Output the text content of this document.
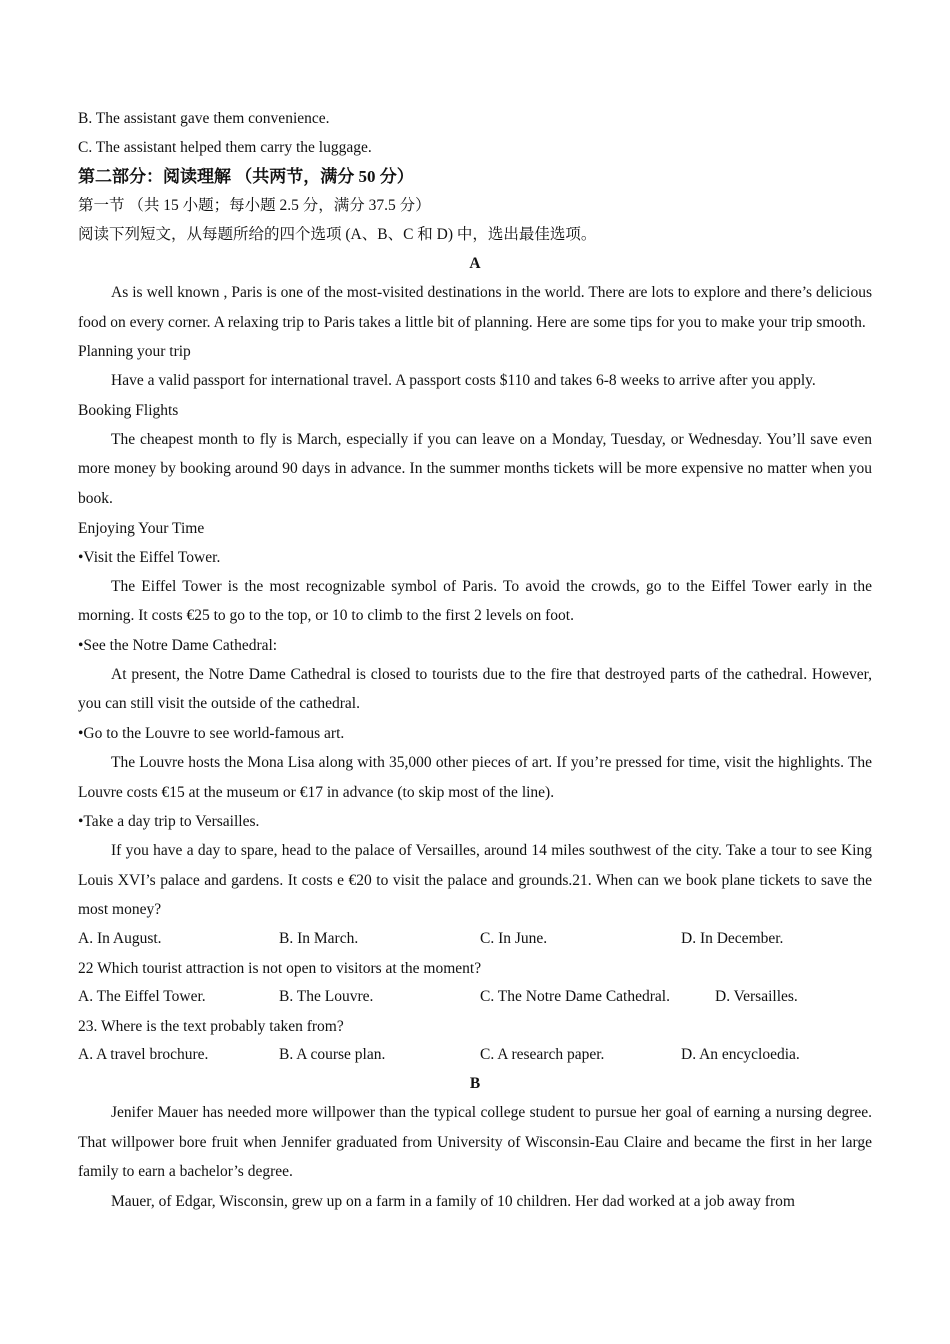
B. The assistant gave them convenience.
C. The assistant helped them carry the luggage.
第二部分：阅读理解 （共两节，满分 50 分）
第一节 （共 15 小题；每小题 2.5 分，满分 37.5 分）
阅读下列短文，从每题所给的四个选项 (A、B、C 和 D) 中，选出最佳选项。
A

As is well known , Paris is one of the most-visited destinations in the world. There are lots to explore and there’s delicious food on every corner. A relaxing trip to Paris takes a little bit of planning. Here are some tips for you to make your trip smooth.

Planning your trip

Have a valid passport for international travel. A passport costs $110 and takes 6-8 weeks to arrive after you apply.

Booking Flights

The cheapest month to fly is March, especially if you can leave on a Monday, Tuesday, or Wednesday. You’ll save even more money by booking around 90 days in advance. In the summer months tickets will be more expensive no matter when you book.

Enjoying Your Time
•Visit the Eiffel Tower.

The Eiffel Tower is the most recognizable symbol of Paris. To avoid the crowds, go to the Eiffel Tower early in the morning. It costs €25 to go to the top, or 10 to climb to the first 2 levels on foot.

•See the Notre Dame Cathedral:

At present, the Notre Dame Cathedral is closed to tourists due to the fire that destroyed parts of the cathedral. However, you can still visit the outside of the cathedral.

•Go to the Louvre to see world-famous art.

The Louvre hosts the Mona Lisa along with 35,000 other pieces of art. If you’re pressed for time, visit the highlights. The Louvre costs €15 at the museum or €17 in advance (to skip most of the line).

•Take a day trip to Versailles.

If you have a day to spare, head to the palace of Versailles, around 14 miles southwest of the city. Take a tour to see King Louis XVI’s palace and gardens. It costs e €20 to visit the palace and grounds.21. When can we book plane tickets to save the most money?

A. In August.	B. In March.	C. In June.	D. In December.
22 Which tourist attraction is not open to visitors at the moment?
A. The Eiffel Tower.	B. The Louvre.	C. The Notre Dame Cathedral.	D. Versailles.
23. Where is the text probably taken from?
A. A travel brochure.	B. A course plan.	C. A research paper.	D. An encycloedia.
B

Jenifer Mauer has needed more willpower than the typical college student to pursue her goal of earning a nursing degree. That willpower bore fruit when Jennifer graduated from University of Wisconsin-Eau Claire and became the first in her large family to earn a bachelor’s degree.

Mauer, of Edgar, Wisconsin, grew up on a farm in a family of 10 children. Her dad worked at a job away from
